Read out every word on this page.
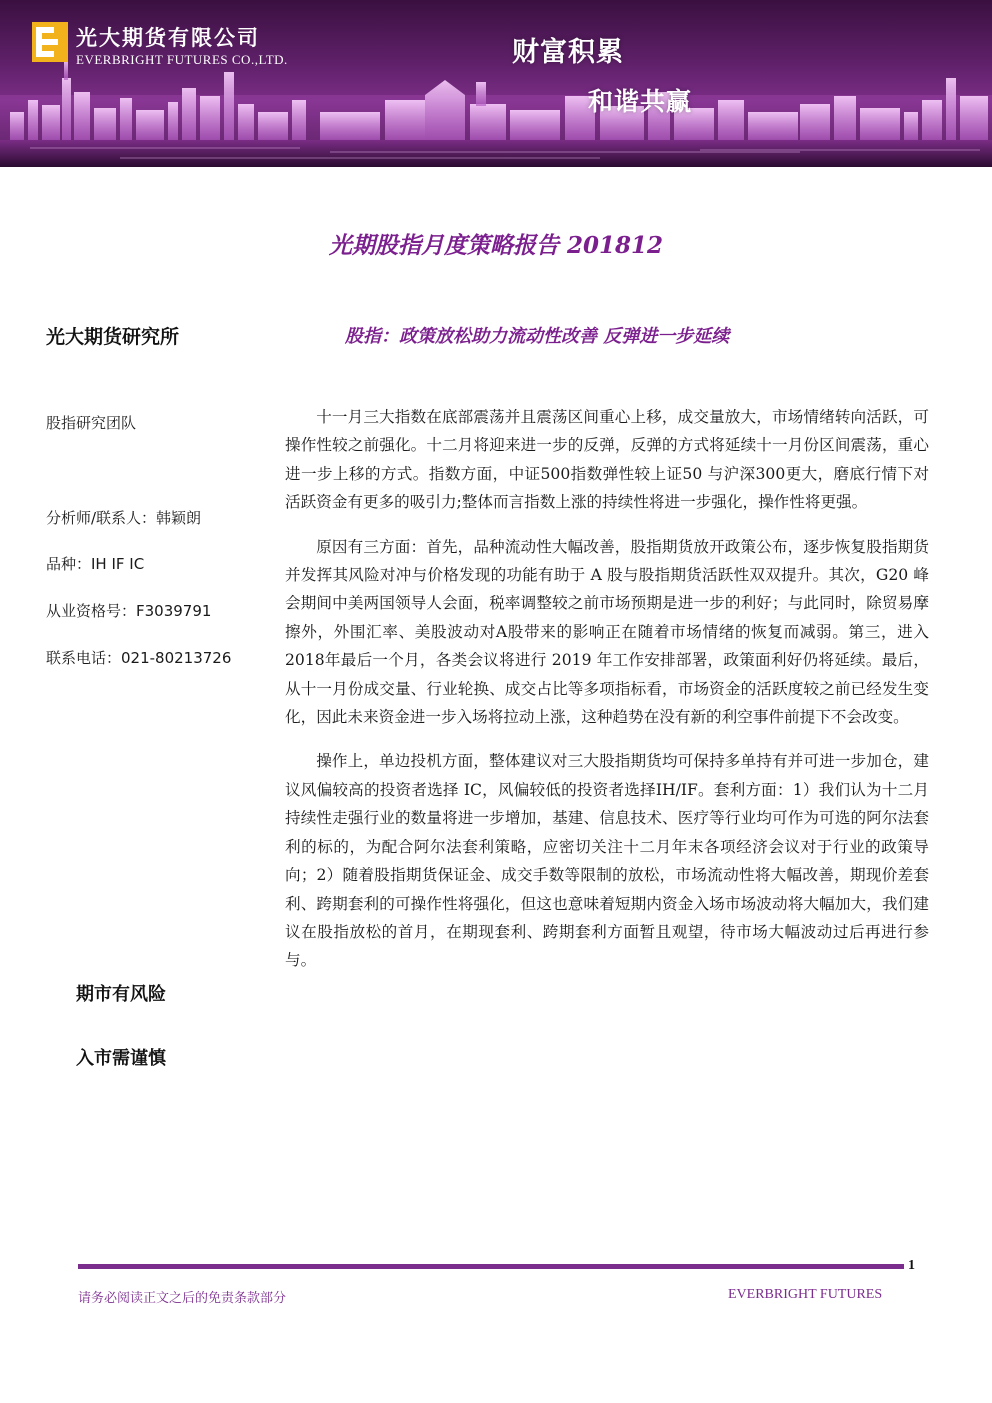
光大期货有限公司
EVERBRIGHT FUTURES CO.,LTD.	财富积累
和谐共赢
光期股指月度策略报告 201812
光大期货研究所	股指：政策放松助力流动性改善 反弹进一步延续
股指研究团队
分析师/联系人：韩颖朗
品种：IH IF IC
从业资格号：F3039791
联系电话：021-80213726
期市有风险
入市需谨慎

十一月三大指数在底部震荡并且震荡区间重心上移，成交量放大，市场情绪转向活跃，可操作性较之前强化。十二月将迎来进一步的反弹，反弹的方式将延续十一月份区间震荡，重心进一步上移的方式。指数方面，中证500指数弹性较上证50 与沪深300更大，磨底行情下对活跃资金有更多的吸引力;整体而言指数上涨的持续性将进一步强化，操作性将更强。

原因有三方面：首先，品种流动性大幅改善，股指期货放开政策公布，逐步恢复股指期货并发挥其风险对冲与价格发现的功能有助于 A 股与股指期货活跃性双双提升。其次，G20 峰会期间中美两国领导人会面，税率调整较之前市场预期是进一步的利好；与此同时，除贸易摩擦外，外围汇率、美股波动对A股带来的影响正在随着市场情绪的恢复而减弱。第三，进入 2018年最后一个月，各类会议将进行 2019 年工作安排部署，政策面利好仍将延续。最后，从十一月份成交量、行业轮换、成交占比等多项指标看，市场资金的活跃度较之前已经发生变化，因此未来资金进一步入场将拉动上涨，这种趋势在没有新的利空事件前提下不会改变。

操作上，单边投机方面，整体建议对三大股指期货均可保持多单持有并可进一步加仓，建议风偏较高的投资者选择 IC，风偏较低的投资者选择IH/IF。套利方面：1）我们认为十二月持续性走强行业的数量将进一步增加，基建、信息技术、医疗等行业均可作为可选的阿尔法套利的标的，为配合阿尔法套利策略，应密切关注十二月年末各项经济会议对于行业的政策导向；2）随着股指期货保证金、成交手数等限制的放松，市场流动性将大幅改善，期现价差套利、跨期套利的可操作性将强化，但这也意味着短期内资金入场市场波动将大幅加大，我们建议在股指放松的首月，在期现套利、跨期套利方面暂且观望，待市场大幅波动过后再进行参与。

1
请务必阅读正文之后的免责条款部分	EVERBRIGHT FUTURES
